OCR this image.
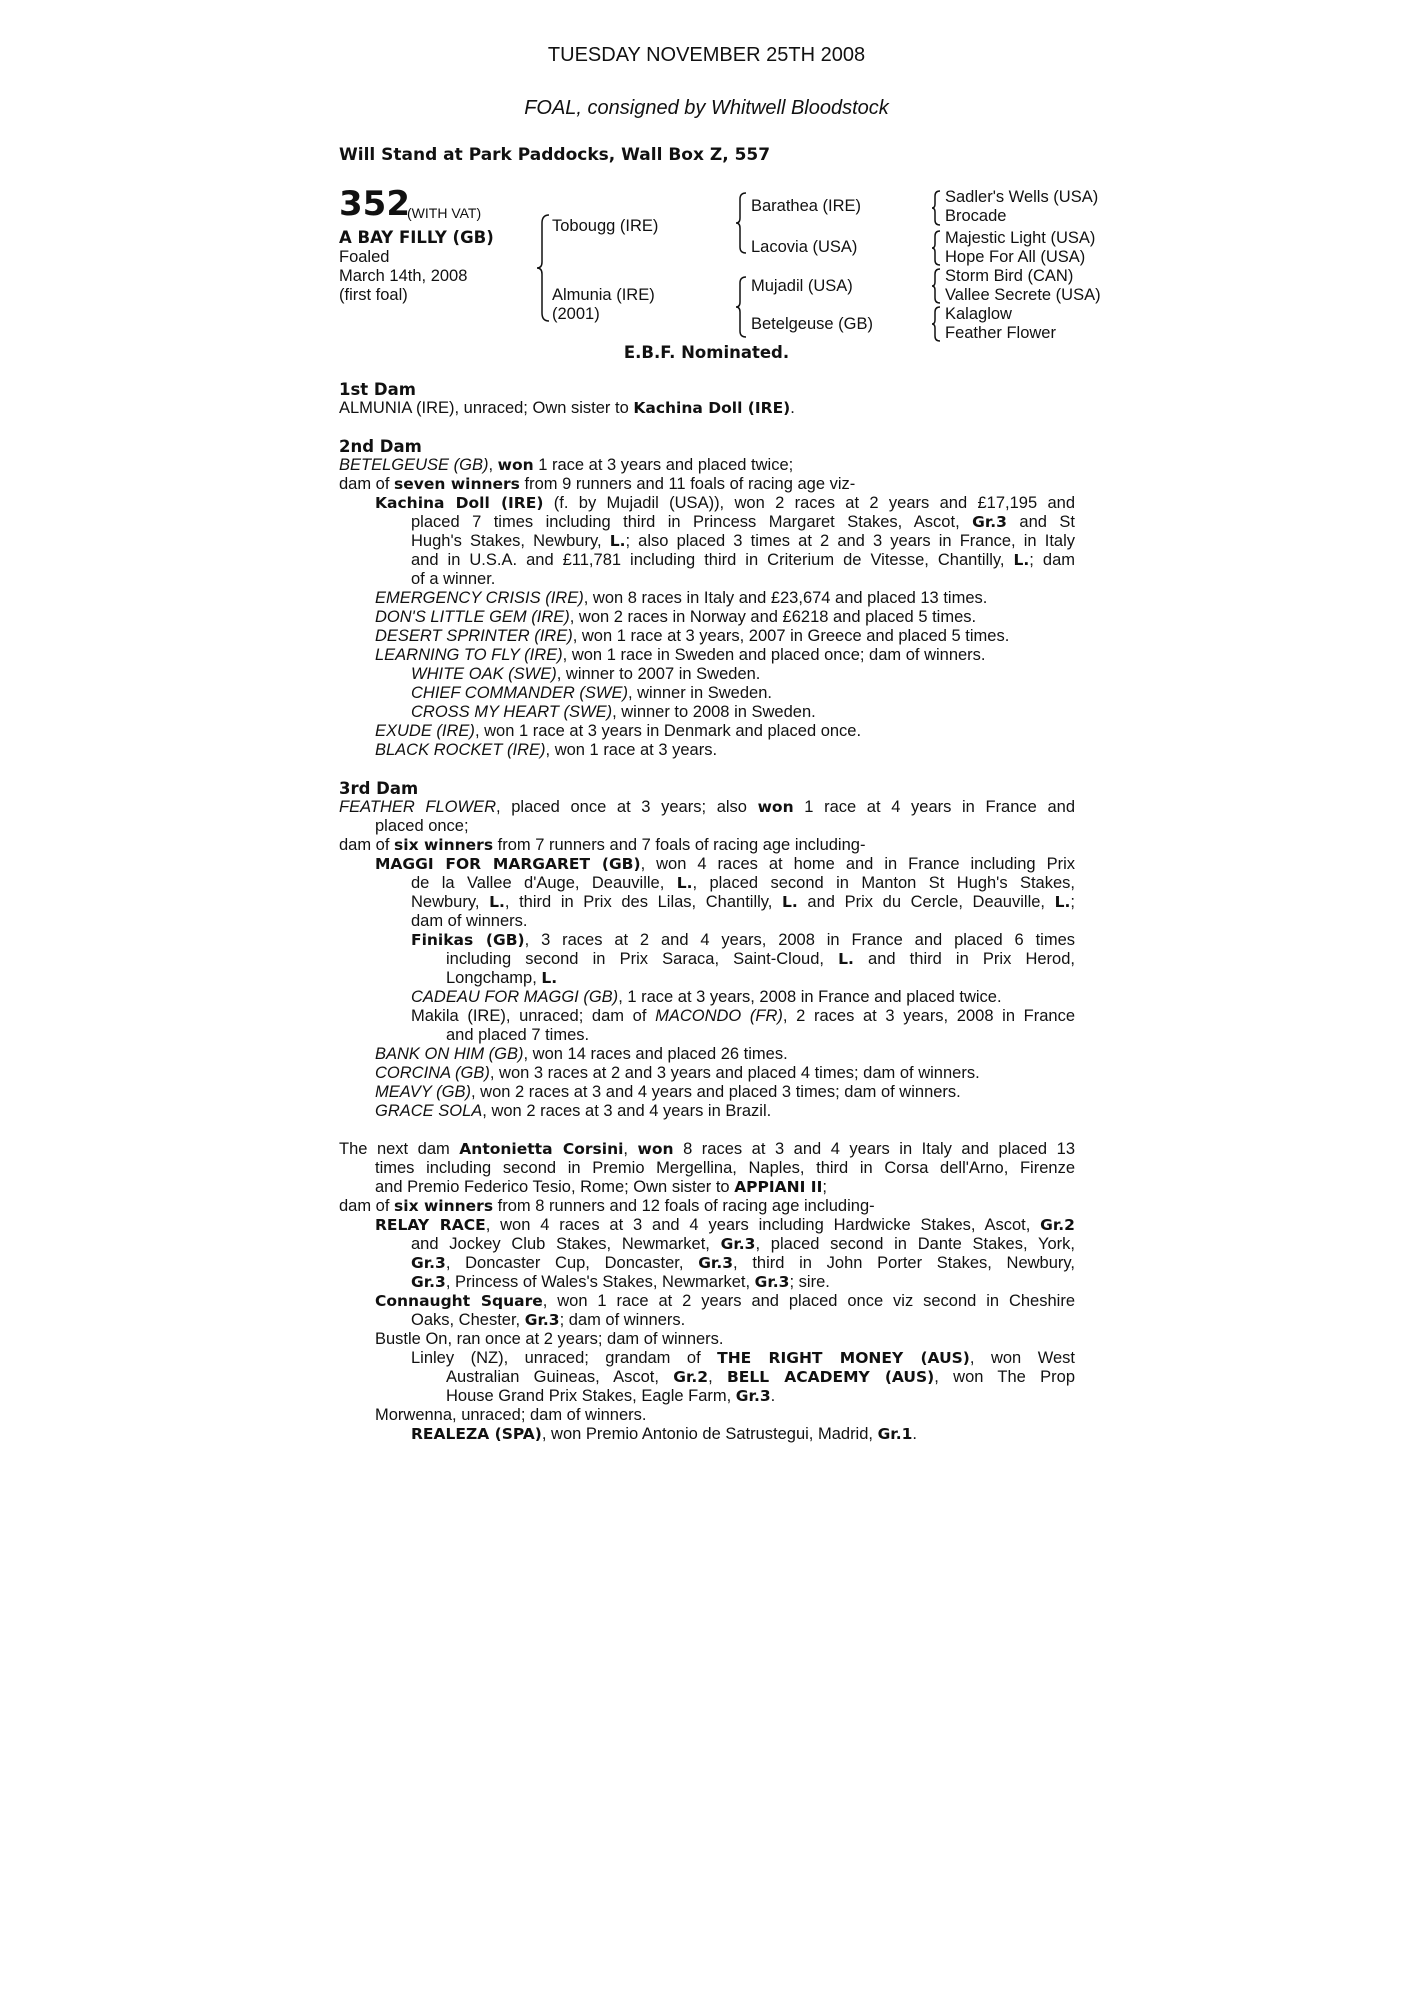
TUESDAY NOVEMBER 25TH 2008
FOAL, consigned by Whitwell Bloodstock
Will Stand at Park Paddocks, Wall Box Z, 557
352
(WITH VAT)
A BAY FILLY (GB)
Foaled
March 14th, 2008
(first foal)
Tobougg (IRE)
Almunia (IRE)
(2001)
Barathea (IRE)
Lacovia (USA)
Mujadil (USA)
Betelgeuse (GB)
Sadler's Wells (USA)
Brocade
Majestic Light (USA)
Hope For All (USA)
Storm Bird (CAN)
Vallee Secrete (USA)
Kalaglow
Feather Flower
E.B.F. Nominated.
1st Dam
ALMUNIA (IRE), unraced; Own sister to Kachina Doll (IRE).
2nd Dam
BETELGEUSE (GB), won 1 race at 3 years and placed twice;
dam of seven winners from 9 runners and 11 foals of racing age viz-
Kachina Doll (IRE) (f. by Mujadil (USA)), won 2 races at 2 years and £17,195 and
placed 7 times including third in Princess Margaret Stakes, Ascot, Gr.3 and St
Hugh's Stakes, Newbury, L.; also placed 3 times at 2 and 3 years in France, in Italy
and in U.S.A. and £11,781 including third in Criterium de Vitesse, Chantilly, L.; dam
of a winner.
EMERGENCY CRISIS (IRE), won 8 races in Italy and £23,674 and placed 13 times.
DON'S LITTLE GEM (IRE), won 2 races in Norway and £6218 and placed 5 times.
DESERT SPRINTER (IRE), won 1 race at 3 years, 2007 in Greece and placed 5 times.
LEARNING TO FLY (IRE), won 1 race in Sweden and placed once; dam of winners.
WHITE OAK (SWE), winner to 2007 in Sweden.
CHIEF COMMANDER (SWE), winner in Sweden.
CROSS MY HEART (SWE), winner to 2008 in Sweden.
EXUDE (IRE), won 1 race at 3 years in Denmark and placed once.
BLACK ROCKET (IRE), won 1 race at 3 years.
3rd Dam
FEATHER FLOWER, placed once at 3 years; also won 1 race at 4 years in France and
placed once;
dam of six winners from 7 runners and 7 foals of racing age including-
MAGGI FOR MARGARET (GB), won 4 races at home and in France including Prix
de la Vallee d'Auge, Deauville, L., placed second in Manton St Hugh's Stakes,
Newbury, L., third in Prix des Lilas, Chantilly, L. and Prix du Cercle, Deauville, L.;
dam of winners.
Finikas (GB), 3 races at 2 and 4 years, 2008 in France and placed 6 times
including second in Prix Saraca, Saint-Cloud, L. and third in Prix Herod,
Longchamp, L.
CADEAU FOR MAGGI (GB), 1 race at 3 years, 2008 in France and placed twice.
Makila (IRE), unraced; dam of MACONDO (FR), 2 races at 3 years, 2008 in France
and placed 7 times.
BANK ON HIM (GB), won 14 races and placed 26 times.
CORCINA (GB), won 3 races at 2 and 3 years and placed 4 times; dam of winners.
MEAVY (GB), won 2 races at 3 and 4 years and placed 3 times; dam of winners.
GRACE SOLA, won 2 races at 3 and 4 years in Brazil.
The next dam Antonietta Corsini, won 8 races at 3 and 4 years in Italy and placed 13
times including second in Premio Mergellina, Naples, third in Corsa dell'Arno, Firenze
and Premio Federico Tesio, Rome; Own sister to APPIANI II;
dam of six winners from 8 runners and 12 foals of racing age including-
RELAY RACE, won 4 races at 3 and 4 years including Hardwicke Stakes, Ascot, Gr.2
and Jockey Club Stakes, Newmarket, Gr.3, placed second in Dante Stakes, York,
Gr.3, Doncaster Cup, Doncaster, Gr.3, third in John Porter Stakes, Newbury,
Gr.3, Princess of Wales's Stakes, Newmarket, Gr.3; sire.
Connaught Square, won 1 race at 2 years and placed once viz second in Cheshire
Oaks, Chester, Gr.3; dam of winners.
Bustle On, ran once at 2 years; dam of winners.
Linley (NZ), unraced; grandam of THE RIGHT MONEY (AUS), won West
Australian Guineas, Ascot, Gr.2, BELL ACADEMY (AUS), won The Prop
House Grand Prix Stakes, Eagle Farm, Gr.3.
Morwenna, unraced; dam of winners.
REALEZA (SPA), won Premio Antonio de Satrustegui, Madrid, Gr.1.
